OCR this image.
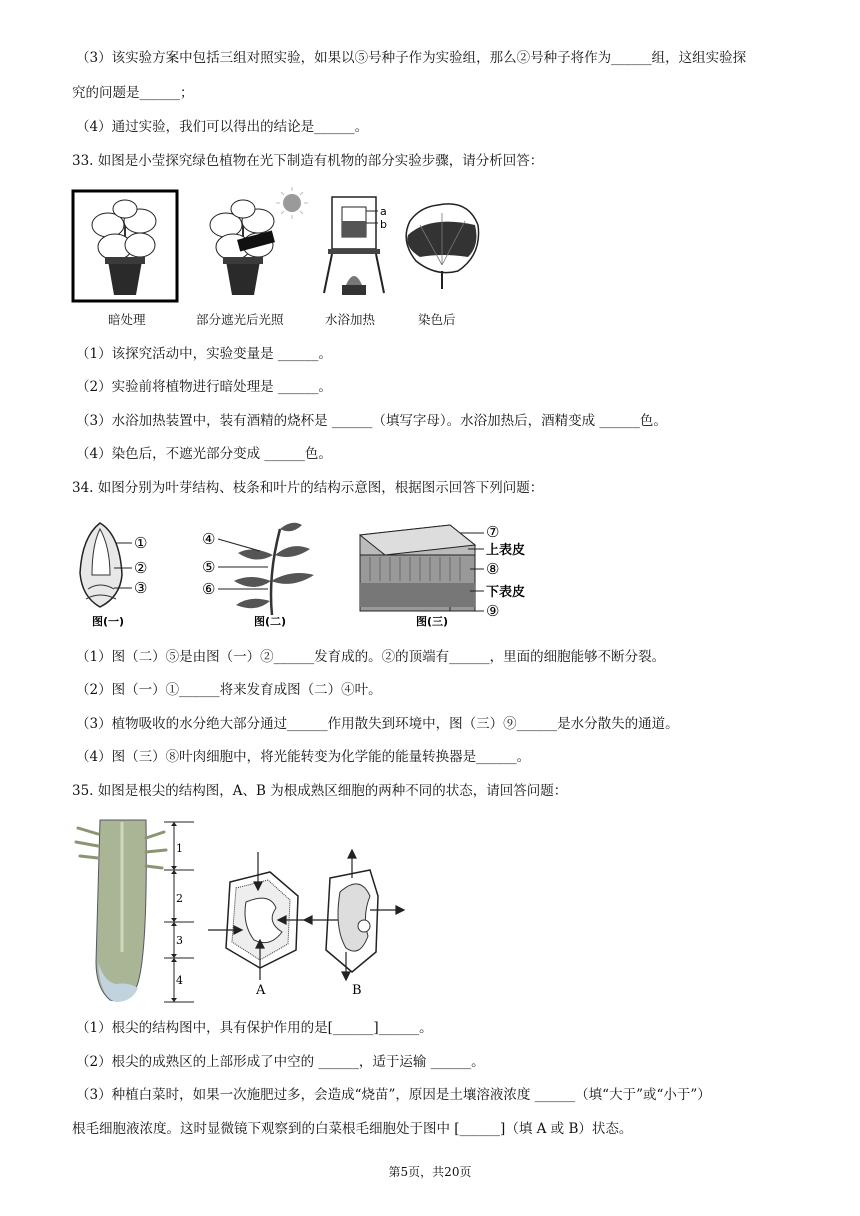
（3）该实验方案中包括三组对照实验，如果以⑤号种子作为实验组，那么②号种子将作为______组，这组实验探
究的问题是______；
（4）通过实验，我们可以得出的结论是______。
33. 如图是小莹探究绿色植物在光下制造有机物的部分实验步骤，请分析回答：
a
b
暗处理	部分遮光后光照	水浴加热	染色后
（1）该探究活动中，实验变量是 ______。
（2）实验前将植物进行暗处理是 ______。
（3）水浴加热装置中，装有酒精的烧杯是 ______（填写字母）。水浴加热后，酒精变成 ______色。
（4）染色后，不遮光部分变成 ______色。
34. 如图分别为叶芽结构、枝条和叶片的结构示意图，根据图示回答下列问题：
①
②
③
④
⑤
⑥
⑦
上表皮
⑧
下表皮
⑨
图(一)	图(二)	图(三)
（1）图（二）⑤是由图（一）②______发育成的。②的顶端有______，里面的细胞能够不断分裂。
（2）图（一）①______将来发育成图（二）④叶。
（3）植物吸收的水分绝大部分通过______作用散失到环境中，图（三）⑨______是水分散失的通道。
（4）图（三）⑧叶肉细胞中，将光能转变为化学能的能量转换器是______。
35. 如图是根尖的结构图，A、B 为根成熟区细胞的两种不同的状态，请回答问题：
1
2
3
4
A	B
（1）根尖的结构图中，具有保护作用的是[______]______。
（2）根尖的成熟区的上部形成了中空的 ______，适于运输 ______。
（3）种植白菜时，如果一次施肥过多，会造成“烧苗”，原因是土壤溶液浓度 ______（填“大于”或“小于”）
根毛细胞液浓度。这时显微镜下观察到的白菜根毛细胞处于图中 [______]（填 A 或 B）状态。
第5页，共20页
